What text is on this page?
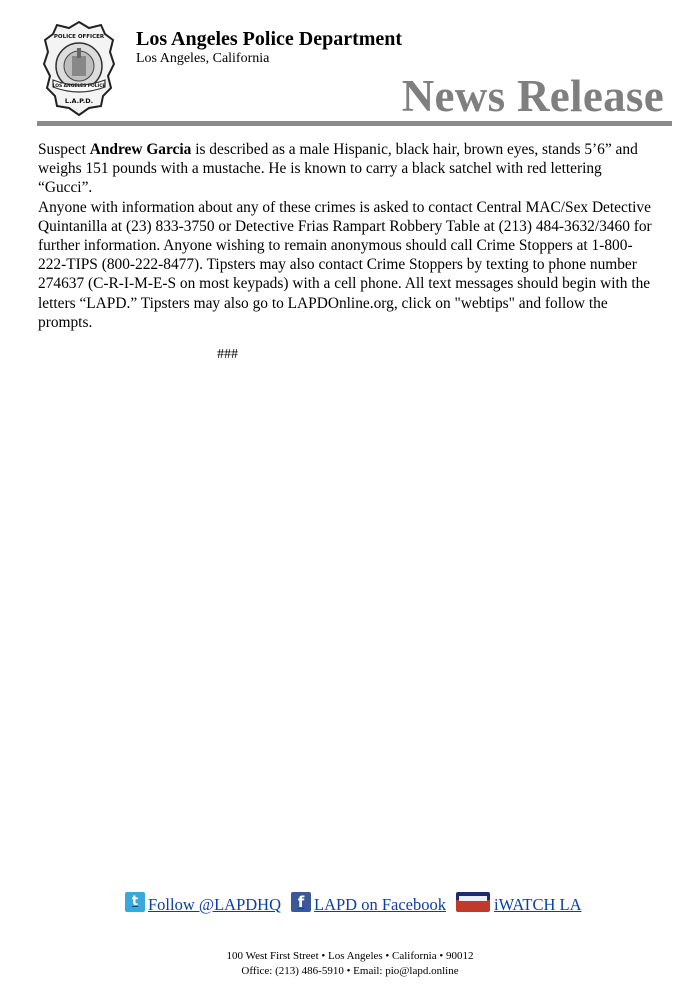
POLICE OFFICER
LOS ANGELES POLICE
L.A.P.D.
Los Angeles Police Department
Los Angeles, California
News Release

Suspect Andrew Garcia is described as a male Hispanic, black hair, brown eyes, stands 5’6” and weighs 151 pounds with a mustache. He is known to carry a black satchel with red lettering “Gucci”.

Anyone with information about any of these crimes is asked to contact Central MAC/Sex Detective Quintanilla at (23) 833-3750 or Detective Frias Rampart Robbery Table at (213) 484-3632/3460 for further information. Anyone wishing to remain anonymous should call Crime Stoppers at 1-800-222-TIPS (800-222-8477). Tipsters may also contact Crime Stoppers by texting to phone number 274637 (C-R-I-M-E-S on most keypads) with a cell phone. All text messages should begin with the letters “LAPD.” Tipsters may also go to LAPDOnline.org, click on "webtips" and follow the prompts.

###
t Follow @LAPDHQ	f LAPD on Facebook	iWATCH LA
100 West First Street • Los Angeles • California • 90012
Office: (213) 486-5910 • Email: pio@lapd.online
